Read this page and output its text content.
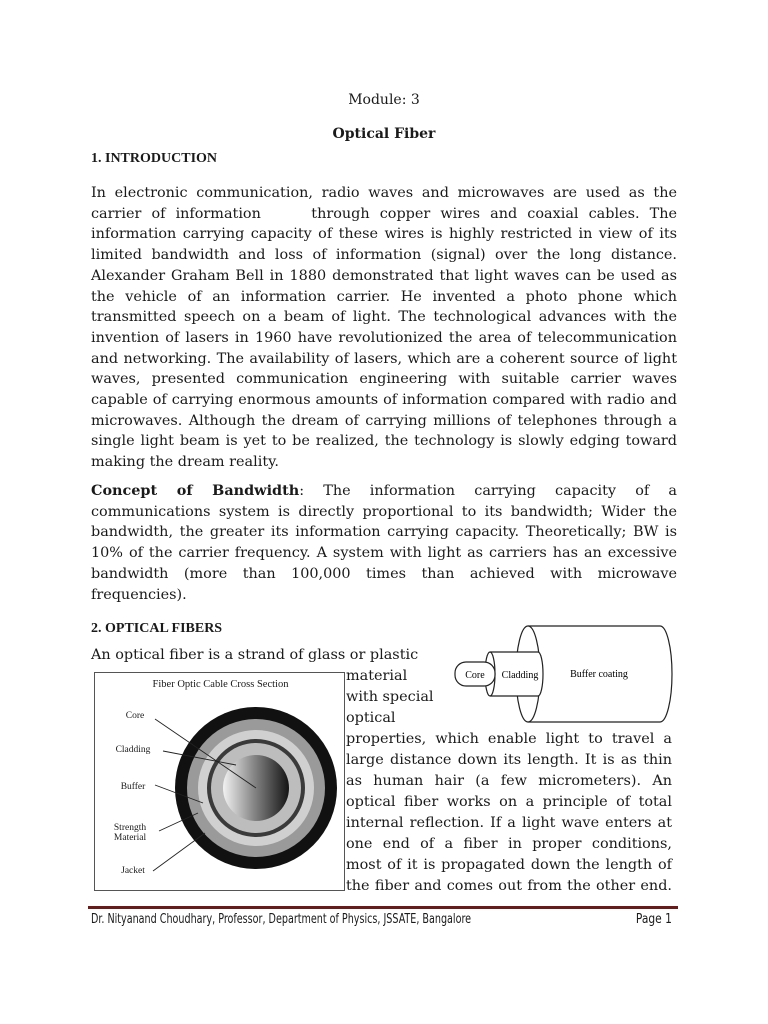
Module: 3
Optical Fiber
1. INTRODUCTION
In electronic communication, radio waves and microwaves are used as the carrier of information     through copper wires and coaxial cables. The information carrying capacity of these wires is highly restricted in view of its limited bandwidth and loss of information (signal) over the long distance. Alexander Graham Bell in 1880 demonstrated that light waves can be used as the vehicle of an information carrier. He invented a photo phone which transmitted speech on a beam of light. The technological advances with the invention of lasers in 1960 have revolutionized the area of telecommunication and networking. The availability of lasers, which are a coherent source of light waves, presented communication engineering with suitable carrier waves capable of carrying enormous amounts of information compared with radio and microwaves. Although the dream of carrying millions of telephones through a single light beam is yet to be realized, the technology is slowly edging toward making the dream reality.
Concept of Bandwidth: The information carrying capacity of a communications system is directly proportional to its bandwidth; Wider the bandwidth, the greater its information carrying capacity. Theoretically; BW is 10% of the carrier frequency. A system with light as carriers has an excessive bandwidth (more than 100,000 times than achieved with microwave frequencies).
2. OPTICAL FIBERS
An optical fiber is a strand of glass or plastic
Core Cladding	Buffer coating
Fiber Optic Cable Cross Section
Core
Cladding
Buffer
Strength
Material
Jacket
material
with special
optical
properties, which enable light to travel a
large distance down its length. It is as thin
as human hair (a few micrometers). An
optical fiber works on a principle of total
internal reflection. If a light wave enters at
one end of a fiber in proper conditions,
most of it is propagated down the length of
the fiber and comes out from the other end.
Dr. Nityanand Choudhary, Professor, Department of Physics, JSSATE, Bangalore	Page 1
